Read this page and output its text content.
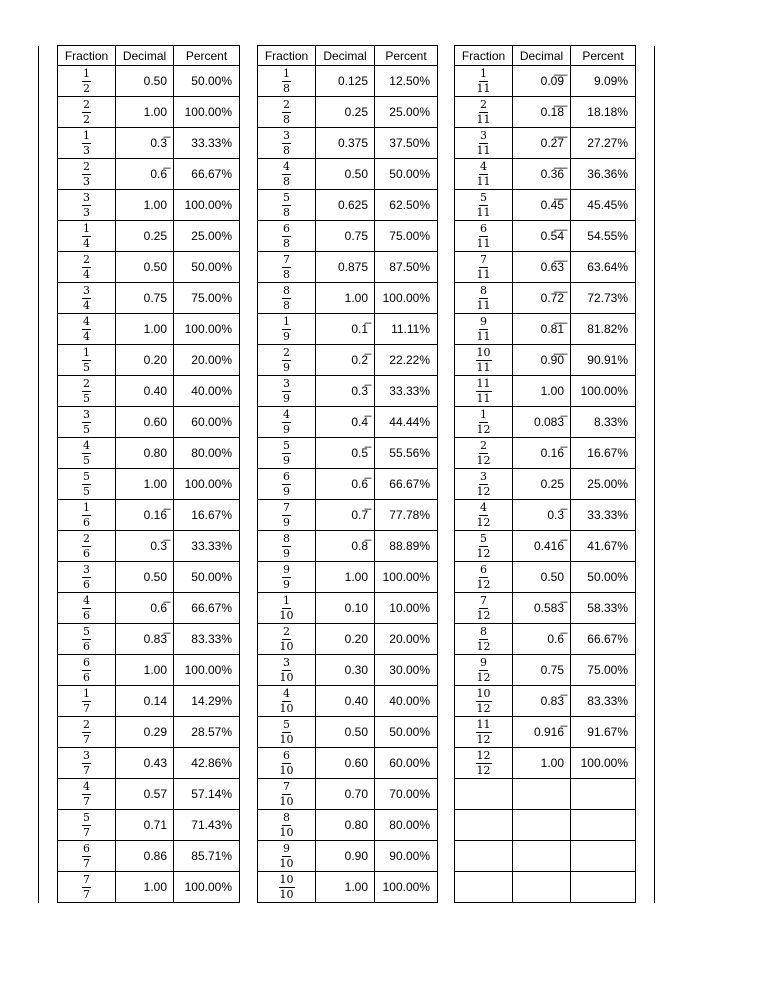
	Fraction	Decimal	Percent		Fraction	Decimal	Percent		Fraction	Decimal	Percent	

	$\frac{1}{2}$	0.50	50.00%		$\frac{1}{8}$	0.125	12.50%		$\frac{1}{11}$	0.0̅9̅	9.09%	

	$\frac{2}{2}$	1.00	100.00%		$\frac{2}{8}$	0.25	25.00%		$\frac{2}{11}$	0.1̅8̅	18.18%	

	$\frac{1}{3}$	0.3̅	33.33%		$\frac{3}{8}$	0.375	37.50%		$\frac{3}{11}$	0.2̅7̅	27.27%	

	$\frac{2}{3}$	0.6̅	66.67%		$\frac{4}{8}$	0.50	50.00%		$\frac{4}{11}$	0.3̅6̅	36.36%	

	$\frac{3}{3}$	1.00	100.00%		$\frac{5}{8}$	0.625	62.50%		$\frac{5}{11}$	0.4̅5̅	45.45%	

	$\frac{1}{4}$	0.25	25.00%		$\frac{6}{8}$	0.75	75.00%		$\frac{6}{11}$	0.5̅4̅	54.55%	

	$\frac{2}{4}$	0.50	50.00%		$\frac{7}{8}$	0.875	87.50%		$\frac{7}{11}$	0.6̅3̅	63.64%	

	$\frac{3}{4}$	0.75	75.00%		$\frac{8}{8}$	1.00	100.00%		$\frac{8}{11}$	0.7̅2̅	72.73%	

	$\frac{4}{4}$	1.00	100.00%		$\frac{1}{9}$	0.1̅	11.11%		$\frac{9}{11}$	0.8̅1̅	81.82%	

	$\frac{1}{5}$	0.20	20.00%		$\frac{2}{9}$	0.2̅	22.22%		$\frac{10}{11}$	0.9̅0̅	90.91%	

	$\frac{2}{5}$	0.40	40.00%		$\frac{3}{9}$	0.3̅	33.33%		$\frac{11}{11}$	1.00	100.00%	

	$\frac{3}{5}$	0.60	60.00%		$\frac{4}{9}$	0.4̅	44.44%		$\frac{1}{12}$	0.083̅	8.33%	

	$\frac{4}{5}$	0.80	80.00%		$\frac{5}{9}$	0.5̅	55.56%		$\frac{2}{12}$	0.16̅	16.67%	

	$\frac{5}{5}$	1.00	100.00%		$\frac{6}{9}$	0.6̅	66.67%		$\frac{3}{12}$	0.25	25.00%	

	$\frac{1}{6}$	0.16̅	16.67%		$\frac{7}{9}$	0.7̅	77.78%		$\frac{4}{12}$	0.3̅	33.33%	

	$\frac{2}{6}$	0.3̅	33.33%		$\frac{8}{9}$	0.8̅	88.89%		$\frac{5}{12}$	0.416̅	41.67%	

	$\frac{3}{6}$	0.50	50.00%		$\frac{9}{9}$	1.00	100.00%		$\frac{6}{12}$	0.50	50.00%	

	$\frac{4}{6}$	0.6̅	66.67%		$\frac{1}{10}$	0.10	10.00%		$\frac{7}{12}$	0.583̅	58.33%	

	$\frac{5}{6}$	0.83̅	83.33%		$\frac{2}{10}$	0.20	20.00%		$\frac{8}{12}$	0.6̅	66.67%	

	$\frac{6}{6}$	1.00	100.00%		$\frac{3}{10}$	0.30	30.00%		$\frac{9}{12}$	0.75	75.00%	

	$\frac{1}{7}$	0.14	14.29%		$\frac{4}{10}$	0.40	40.00%		$\frac{10}{12}$	0.83̅	83.33%	

	$\frac{2}{7}$	0.29	28.57%		$\frac{5}{10}$	0.50	50.00%		$\frac{11}{12}$	0.916̅	91.67%	

	$\frac{3}{7}$	0.43	42.86%		$\frac{6}{10}$	0.60	60.00%		$\frac{12}{12}$	1.00	100.00%	

	$\frac{4}{7}$	0.57	57.14%		$\frac{7}{10}$	0.70	70.00%					

	$\frac{5}{7}$	0.71	71.43%		$\frac{8}{10}$	0.80	80.00%					

	$\frac{6}{7}$	0.86	85.71%		$\frac{9}{10}$	0.90	90.00%					

	$\frac{7}{7}$	1.00	100.00%		$\frac{10}{10}$	1.00	100.00%					
